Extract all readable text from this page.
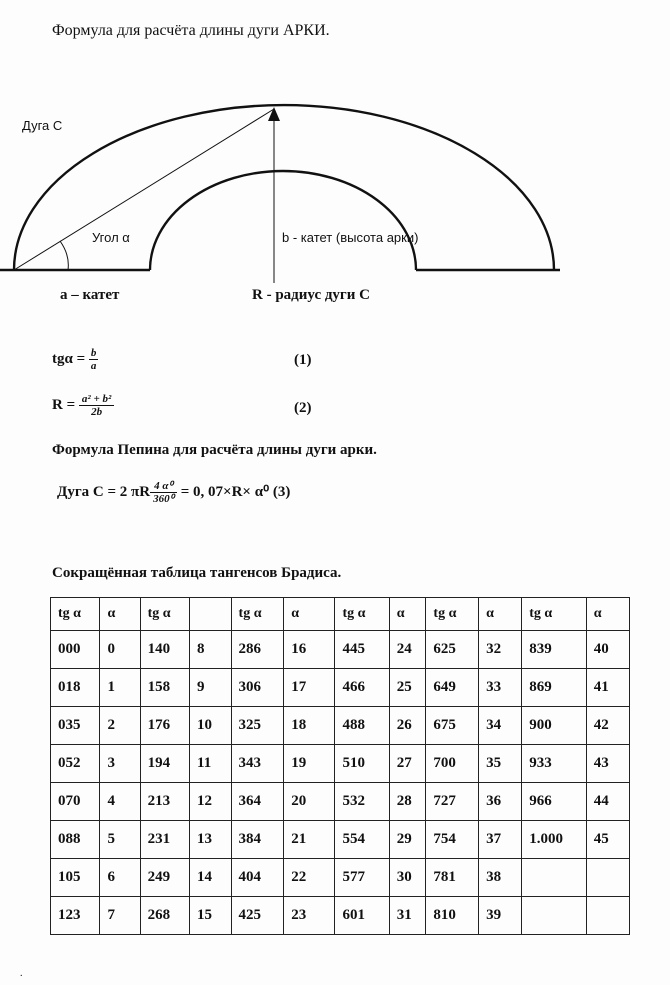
Формула для расчёта длины дуги АРКИ.
Дуга C
Угол α	b - катет (высота арки)
а – катет	R - радиус дуги С
$tg\alpha = \frac{b}{a}$	(1)
$R = \frac{\text{a² + b²}}{2b}$	(2)
Формула Пепина для расчёта длины дуги арки.
Дуга С = 2 πR $\frac{\text{4 α⁰}}{\text{360⁰}} = 0$, 07×R× α⁰ (3)
Сокращённая таблица тангенсов Брадиса.
tg α	α	tg α		tg α	α	tg α	α	tg α	α	tg α	α
000	0	140	8	286	16	445	24	625	32	839	40
018	1	158	9	306	17	466	25	649	33	869	41
035	2	176	10	325	18	488	26	675	34	900	42
052	3	194	11	343	19	510	27	700	35	933	43
070	4	213	12	364	20	532	28	727	36	966	44
088	5	231	13	384	21	554	29	754	37	1.000	45
105	6	249	14	404	22	577	30	781	38		
123	7	268	15	425	23	601	31	810	39		
.
